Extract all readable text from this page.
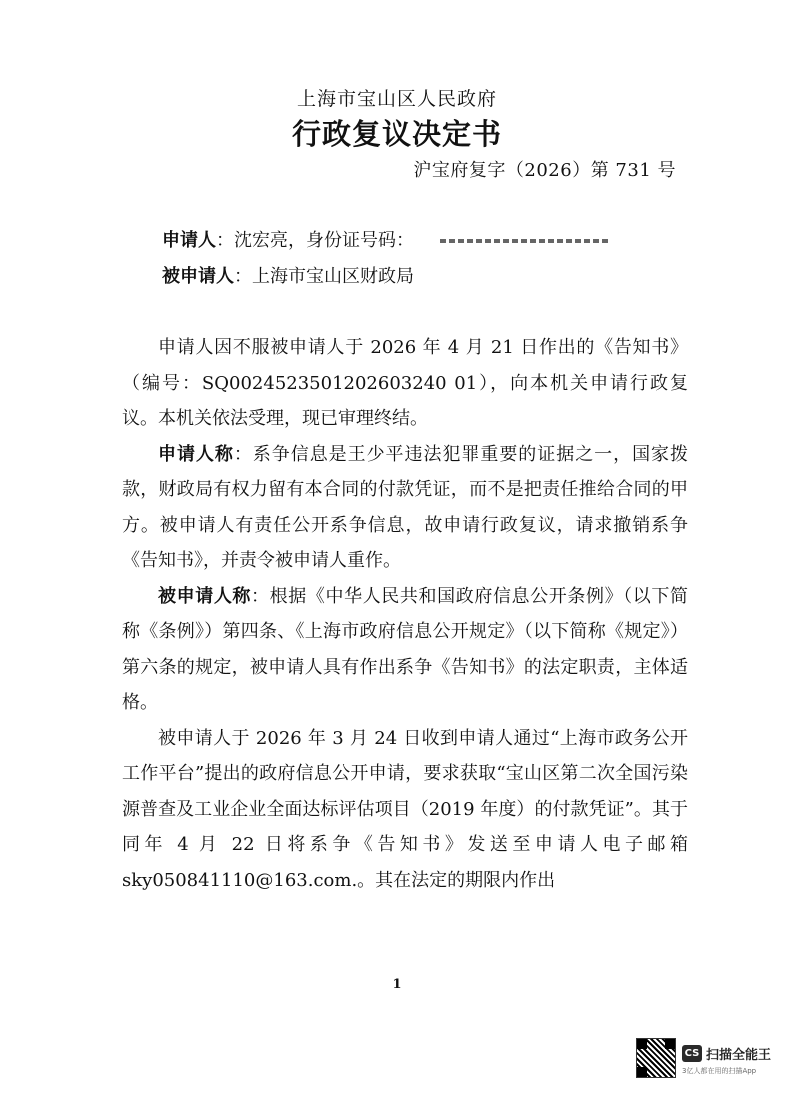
上海市宝山区人民政府
行政复议决定书
沪宝府复字（2026）第 731 号
申请人：沈宏亮，身份证号码：
被申请人：上海市宝山区财政局

申请人因不服被申请人于 2026 年 4 月 21 日作出的《告知书》（编号：SQ0024523501202603240 01），向本机关申请行政复议。本机关依法受理，现已审理终结。

申请人称：系争信息是王少平违法犯罪重要的证据之一，国家拨款，财政局有权力留有本合同的付款凭证，而不是把责任推给合同的甲方。被申请人有责任公开系争信息，故申请行政复议，请求撤销系争《告知书》，并责令被申请人重作。

被申请人称：根据《中华人民共和国政府信息公开条例》（以下简称《条例》）第四条、《上海市政府信息公开规定》（以下简称《规定》）第六条的规定，被申请人具有作出系争《告知书》的法定职责，主体适格。

被申请人于 2026 年 3 月 24 日收到申请人通过“上海市政务公开工作平台”提出的政府信息公开申请，要求获取“宝山区第二次全国污染源普查及工业企业全面达标评估项目（2019 年度）的付款凭证”。其于同年 4 月 22 日将系争《告知书》发送至申请人电子邮箱 sky050841110@163.com.。其在法定的期限内作出

1
CS 扫描全能王
3亿人都在用的扫描App
